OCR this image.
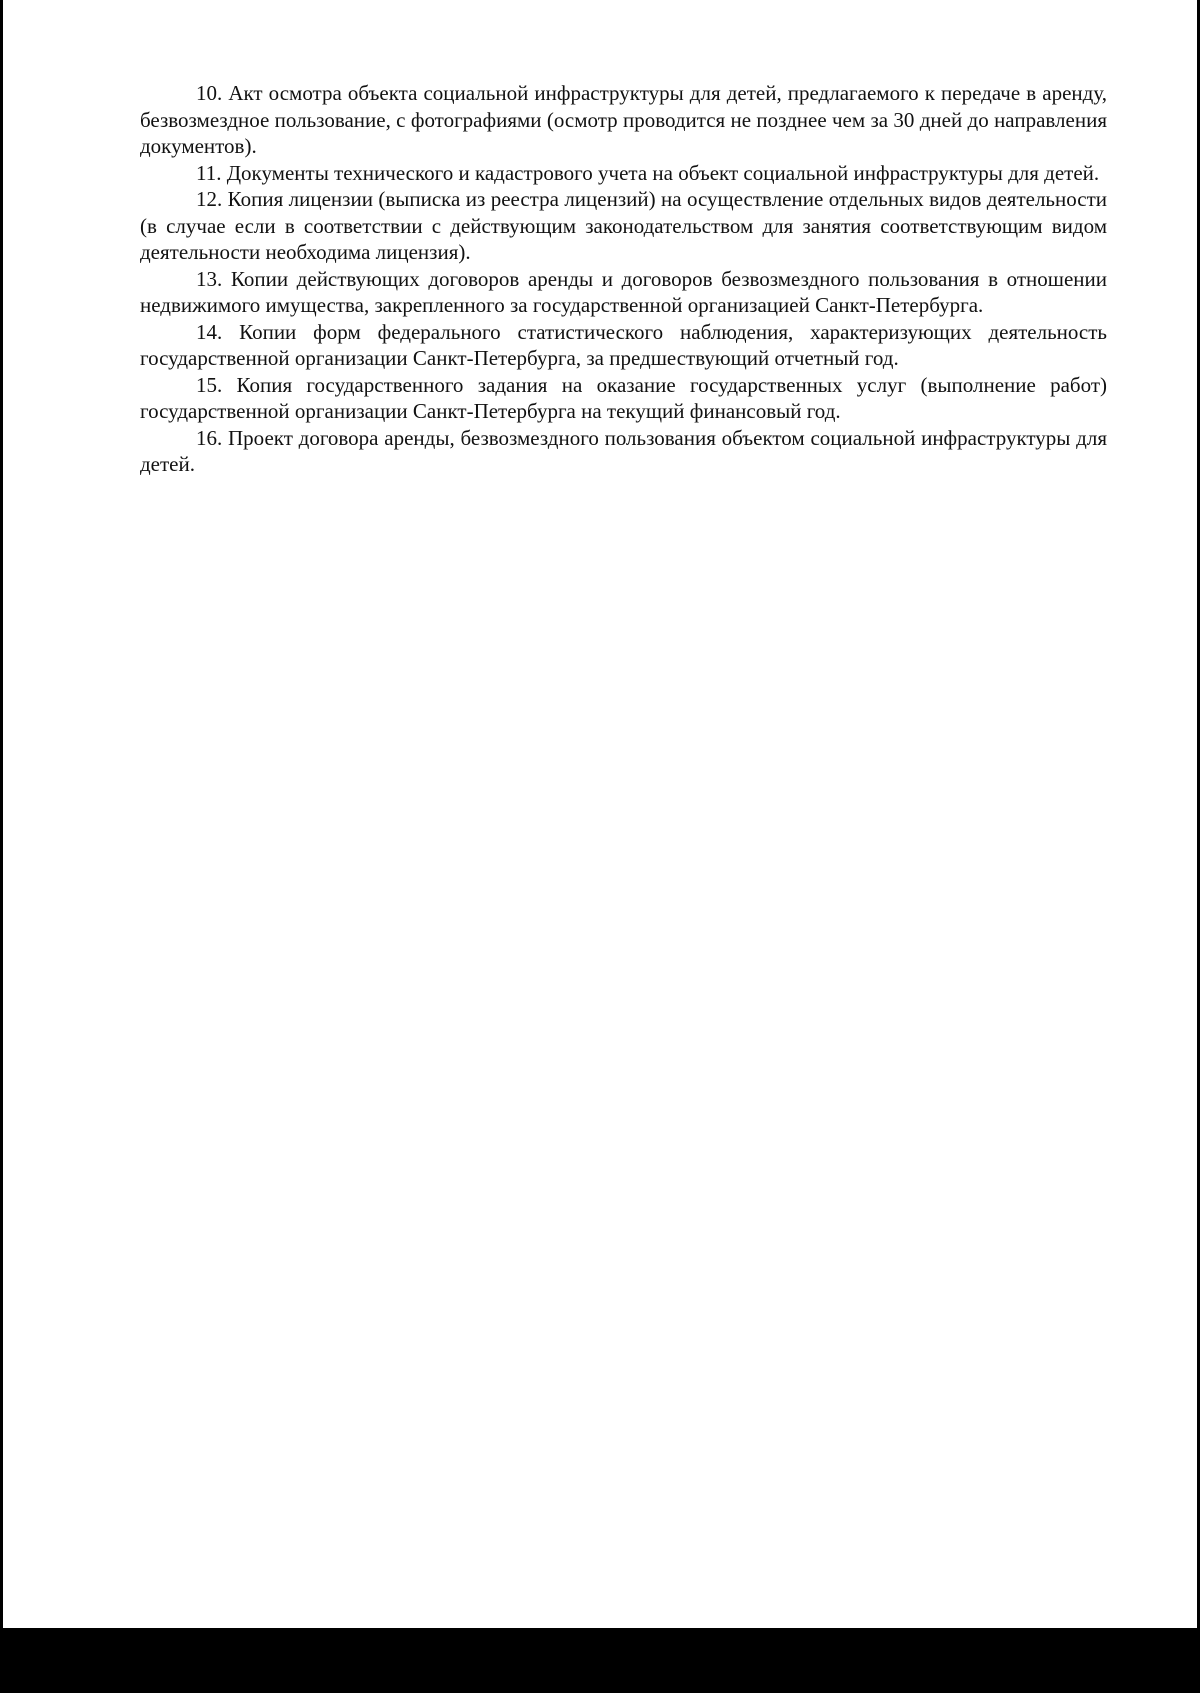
10. Акт осмотра объекта социальной инфраструктуры для детей, предлагаемого к передаче в аренду, безвозмездное пользование, с фотографиями (осмотр проводится не позднее чем за 30 дней до направления документов).

11. Документы технического и кадастрового учета на объект социальной инфраструктуры для детей.

12. Копия лицензии (выписка из реестра лицензий) на осуществление отдельных видов деятельности (в случае если в соответствии с действующим законодательством для занятия соответствующим видом деятельности необходима лицензия).

13. Копии действующих договоров аренды и договоров безвозмездного пользования в отношении недвижимого имущества, закрепленного за государственной организацией Санкт-Петербурга.

14. Копии форм федерального статистического наблюдения, характеризующих деятельность государственной организации Санкт-Петербурга, за предшествующий отчетный год.

15. Копия государственного задания на оказание государственных услуг (выполнение работ) государственной организации Санкт-Петербурга на текущий финансовый год.

16. Проект договора аренды, безвозмездного пользования объектом социальной инфраструктуры для детей.
